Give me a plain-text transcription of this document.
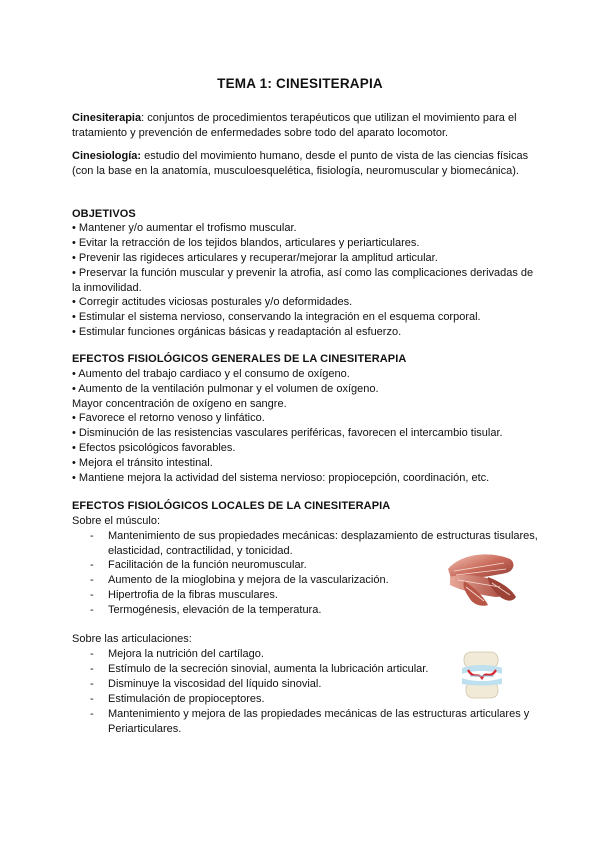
TEMA 1: CINESITERAPIA
Cinesiterapia: conjuntos de procedimientos terapéuticos que utilizan el movimiento para el tratamiento y prevención de enfermedades sobre todo del aparato locomotor.
Cinesiología: estudio del movimiento humano, desde el punto de vista de las ciencias físicas (con la base en la anatomía, musculoesquelética, fisiología, neuromuscular y biomecánica).
OBJETIVOS
• Mantener y/o aumentar el trofismo muscular.
• Evitar la retracción de los tejidos blandos, articulares y periarticulares.
• Prevenir las rigideces articulares y recuperar/mejorar la amplitud articular.
• Preservar la función muscular y prevenir la atrofia, así como las complicaciones derivadas de la inmovilidad.
• Corregir actitudes viciosas posturales y/o deformidades.
• Estimular el sistema nervioso, conservando la integración en el esquema corporal.
• Estimular funciones orgánicas básicas y readaptación al esfuerzo.
EFECTOS FISIOLÓGICOS GENERALES DE LA CINESITERAPIA
• Aumento del trabajo cardiaco y el consumo de oxígeno.
• Aumento de la ventilación pulmonar y el volumen de oxígeno.
Mayor concentración de oxígeno en sangre.
• Favorece el retorno venoso y linfático.
• Disminución de las resistencias vasculares periféricas, favorecen el intercambio tisular.
• Efectos psicológicos favorables.
• Mejora el tránsito intestinal.
• Mantiene mejora la actividad del sistema nervioso: propiocepción, coordinación, etc.
EFECTOS FISIOLÓGICOS LOCALES DE LA CINESITERAPIA
Sobre el músculo:
- Mantenimiento de sus propiedades mecánicas: desplazamiento de estructuras tisulares, elasticidad, contractilidad, y tonicidad.
- Facilitación de la función neuromuscular.
- Aumento de la mioglobina y mejora de la vascularización.
- Hipertrofia de la fibras musculares.
- Termogénesis, elevación de la temperatura.
Sobre las articulaciones:
- Mejora la nutrición del cartílago.
- Estímulo de la secreción sinovial, aumenta la lubricación articular.
- Disminuye la viscosidad del líquido sinovial.
- Estimulación de propioceptores.
- Mantenimiento y mejora de las propiedades mecánicas de las estructuras articulares y Periarticulares.
